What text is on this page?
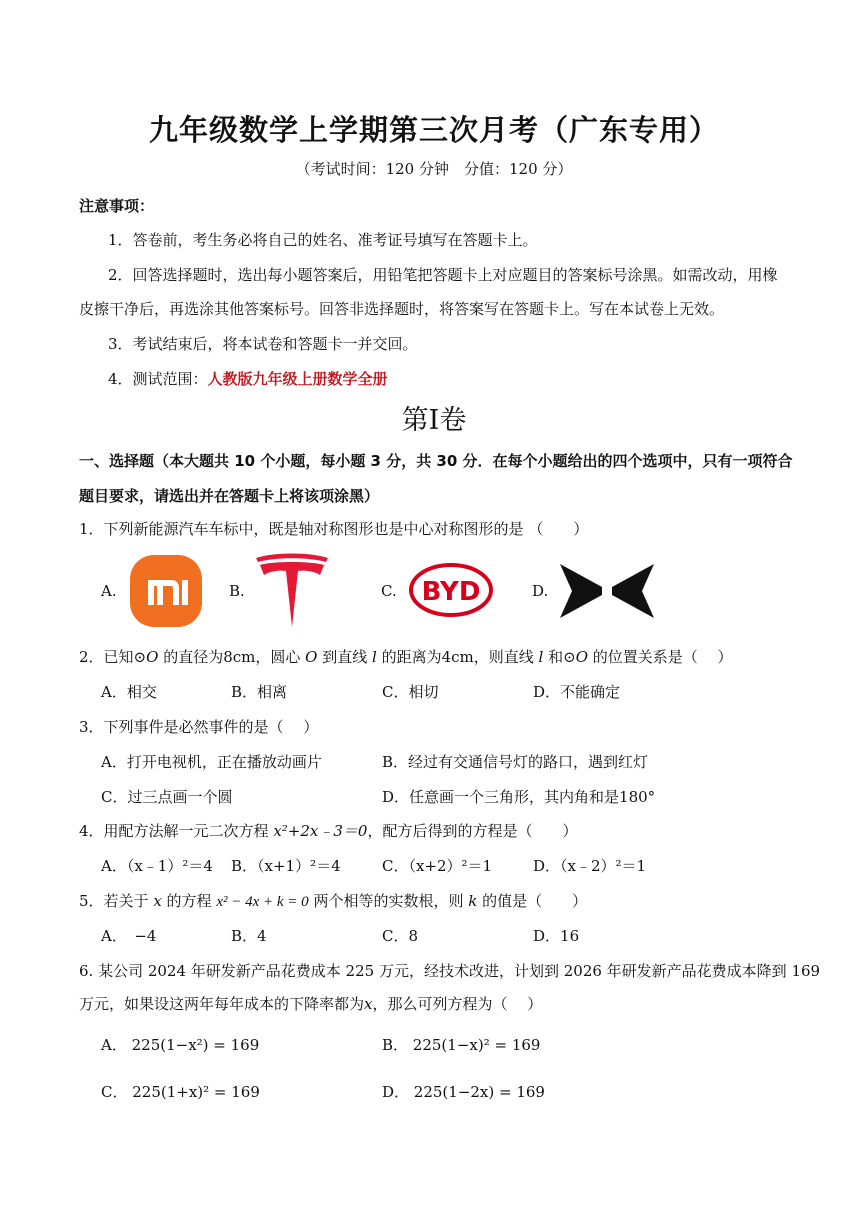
九年级数学上学期第三次月考（广东专用）
（考试时间：120 分钟　分值：120 分）
注意事项：
1．答卷前，考生务必将自己的姓名、准考证号填写在答题卡上。
2．回答选择题时，选出每小题答案后，用铅笔把答题卡上对应题目的答案标号涂黑。如需改动，用橡
皮擦干净后，再选涂其他答案标号。回答非选择题时，将答案写在答题卡上。写在本试卷上无效。
3．考试结束后，将本试卷和答题卡一并交回。
4．测试范围：人教版九年级上册数学全册
第Ⅰ卷
一、选择题（本大题共 10 个小题，每小题 3 分，共 30 分．在每个小题给出的四个选项中，只有一项符合
题目要求，请选出并在答题卡上将该项涂黑）
1．下列新能源汽车车标中，既是轴对称图形也是中心对称图形的是 （　　）
A.	B.	C. BYD	D.
2．已知⊙O 的直径为8cm，圆心 O 到直线 l 的距离为4cm，则直线 l 和⊙O 的位置关系是（　 ）
A．相交	B．相离	C．相切	D．不能确定
3．下列事件是必然事件的是（　 ）
A．打开电视机，正在播放动画片	B．经过有交通信号灯的路口，遇到红灯
C．过三点画一个圆	D．任意画一个三角形，其内角和是180°
4．用配方法解一元二次方程 x²+2x﹣3＝0，配方后得到的方程是（　　）
A．（x﹣1）²＝4 B．（x+1）²＝4	C．（x+2）²＝1	D．（x﹣2）²＝1
5．若关于 x 的方程 x² − 4x + k = 0 两个相等的实数根，则 k 的值是（　　）
A．　−4	B．4	C．8	D．16
6. 某公司 2024 年研发新产品花费成本 225 万元，经技术改进，计划到 2026 年研发新产品花费成本降到 169
万元，如果设这两年每年成本的下降率都为x，那么可列方程为（　 ）
A． 225(1−x²) = 169	B． 225(1−x)² = 169
C． 225(1+x)² = 169	D． 225(1−2x) = 169
